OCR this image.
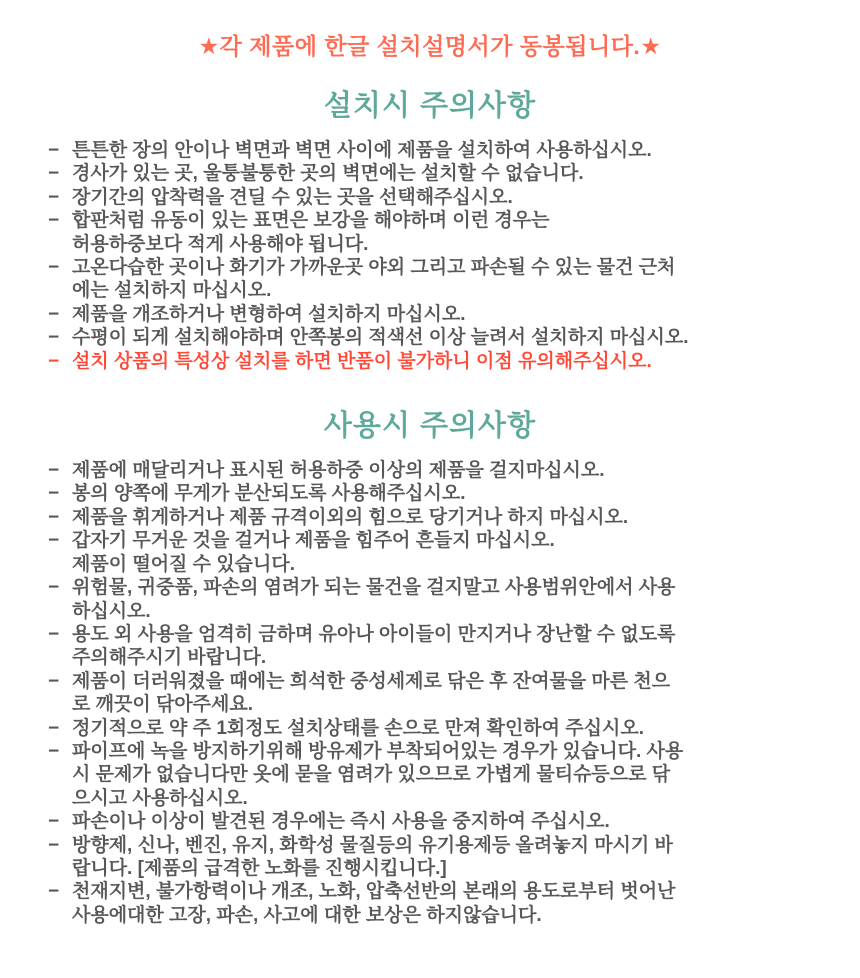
★각 제품에 한글 설치설명서가 동봉됩니다.★
설치시 주의사항
− 튼튼한 장의 안이나 벽면과 벽면 사이에 제품을 설치하여 사용하십시오.
− 경사가 있는 곳, 울퉁불퉁한 곳의 벽면에는 설치할 수 없습니다.
− 장기간의 압착력을 견딜 수 있는 곳을 선택해주십시오.
− 합판처럼 유동이 있는 표면은 보강을 해야하며 이런 경우는
허용하중보다 적게 사용해야 됩니다.
− 고온다습한 곳이나 화기가 가까운곳 야외 그리고 파손될 수 있는 물건 근처
에는 설치하지 마십시오.
− 제품을 개조하거나 변형하여 설치하지 마십시오.
− 수평이 되게 설치해야하며 안쪽봉의 적색선 이상 늘려서 설치하지 마십시오.
− 설치 상품의 특성상 설치를 하면 반품이 불가하니 이점 유의해주십시오.
사용시 주의사항
− 제품에 매달리거나 표시된 허용하중 이상의 제품을 걸지마십시오.
− 봉의 양쪽에 무게가 분산되도록 사용해주십시오.
− 제품을 휘게하거나 제품 규격이외의 힘으로 당기거나 하지 마십시오.
− 갑자기 무거운 것을 걸거나 제품을 힘주어 흔들지 마십시오.
제품이 떨어질 수 있습니다.
− 위험물, 귀중품, 파손의 염려가 되는 물건을 걸지말고 사용범위안에서 사용
하십시오.
− 용도 외 사용을 엄격히 금하며 유아나 아이들이 만지거나 장난할 수 없도록
주의해주시기 바랍니다.
− 제품이 더러워졌을 때에는 희석한 중성세제로 닦은 후 잔여물을 마른 천으
로 깨끗이 닦아주세요.
− 정기적으로 약 주 1회정도 설치상태를 손으로 만져 확인하여 주십시오.
− 파이프에 녹을 방지하기위해 방유제가 부착되어있는 경우가 있습니다. 사용
시 문제가 없습니다만 옷에 묻을 염려가 있으므로 가볍게 물티슈등으로 닦
으시고 사용하십시오.
− 파손이나 이상이 발견된 경우에는 즉시 사용을 중지하여 주십시오.
− 방향제, 신나, 벤진, 유지, 화학성 물질등의 유기용제등 올려놓지 마시기 바
랍니다. [제품의 급격한 노화를 진행시킵니다.]
− 천재지변, 불가항력이나 개조, 노화, 압축선반의 본래의 용도로부터 벗어난
사용에대한 고장, 파손, 사고에 대한 보상은 하지않습니다.
